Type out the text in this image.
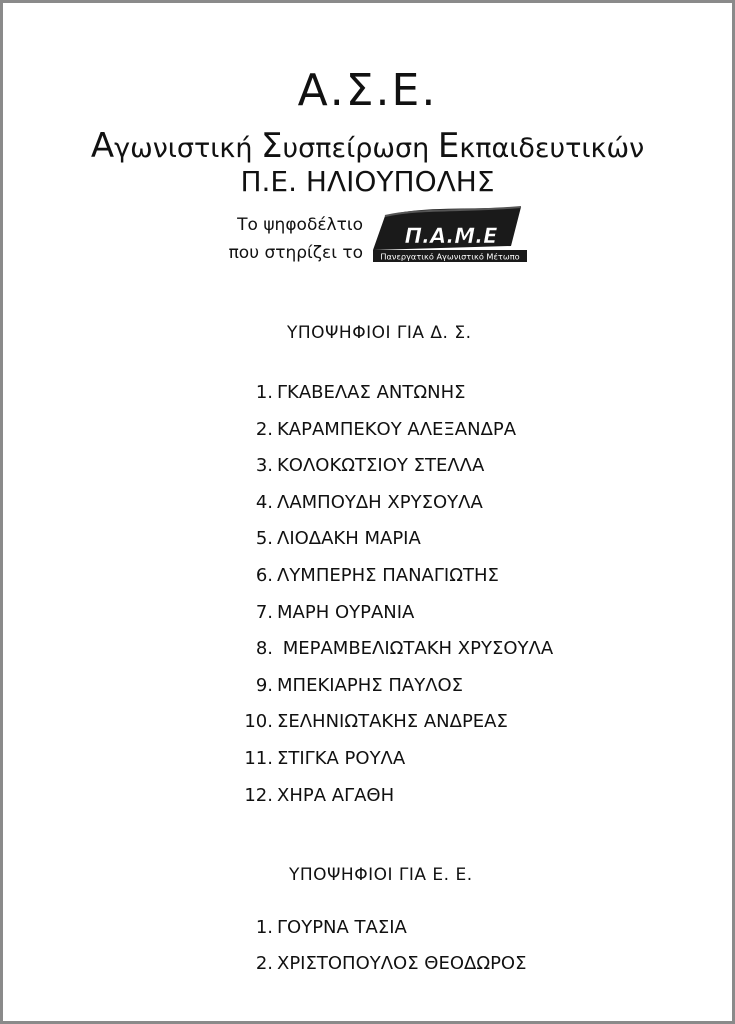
Α.Σ.Ε.
Αγωνιστική Συσπείρωση Εκπαιδευτικών
Π.Ε. ΗΛΙΟΥΠΟΛΗΣ
Το ψηφοδέλτιο
που στηρίζει το
Π.Α.Μ.Ε
Πανεργατικό Αγωνιστικό Μέτωπο
ΥΠΟΨΗΦΙΟΙ ΓΙΑ Δ. Σ.
1. ΓΚΑΒΕΛΑΣ ΑΝΤΩΝΗΣ
2. ΚΑΡΑΜΠΕΚΟΥ ΑΛΕΞΑΝΔΡΑ
3. ΚΟΛΟΚΩΤΣΙΟΥ ΣΤΕΛΛΑ
4. ΛΑΜΠΟΥΔΗ ΧΡΥΣΟΥΛΑ
5. ΛΙΟΔΑΚΗ ΜΑΡΙΑ
6. ΛΥΜΠΕΡΗΣ ΠΑΝΑΓΙΩΤΗΣ
7. ΜΑΡΗ ΟΥΡΑΝΙΑ
8. ΜΕΡΑΜΒΕΛΙΩΤΑΚΗ ΧΡΥΣΟΥΛΑ
9. ΜΠΕΚΙΑΡΗΣ ΠΑΥΛΟΣ
10. ΣΕΛΗΝΙΩΤΑΚΗΣ ΑΝΔΡΕΑΣ
11. ΣΤΙΓΚΑ ΡΟΥΛΑ
12. ΧΗΡΑ ΑΓΑΘΗ
ΥΠΟΨΗΦΙΟΙ ΓΙΑ Ε. Ε.
1. ΓΟΥΡΝΑ ΤΑΣΙΑ
2. ΧΡΙΣΤΟΠΟΥΛΟΣ ΘΕΟΔΩΡΟΣ
